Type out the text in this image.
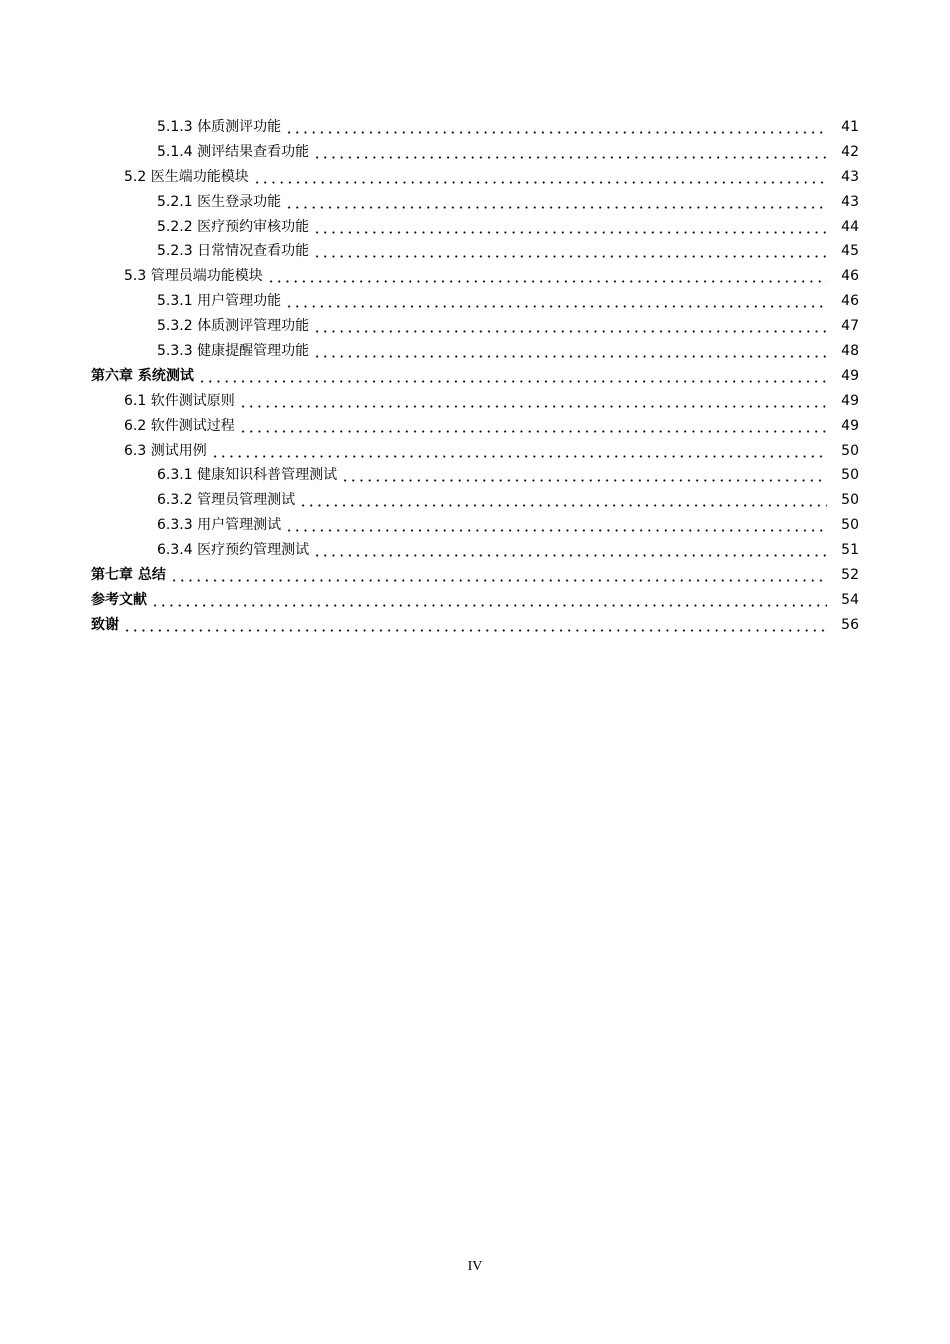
5.1.3 体质测评功能	41
5.1.4 测评结果查看功能	42
5.2 医生端功能模块	43
5.2.1 医生登录功能	43
5.2.2 医疗预约审核功能	44
5.2.3 日常情况查看功能	45
5.3 管理员端功能模块	46
5.3.1 用户管理功能	46
5.3.2 体质测评管理功能	47
5.3.3 健康提醒管理功能	48
第六章 系统测试	49
6.1 软件测试原则	49
6.2 软件测试过程	49
6.3 测试用例	50
6.3.1 健康知识科普管理测试	50
6.3.2 管理员管理测试	50
6.3.3 用户管理测试	50
6.3.4 医疗预约管理测试	51
第七章 总结	52
参考文献	54
致谢	56
IV
